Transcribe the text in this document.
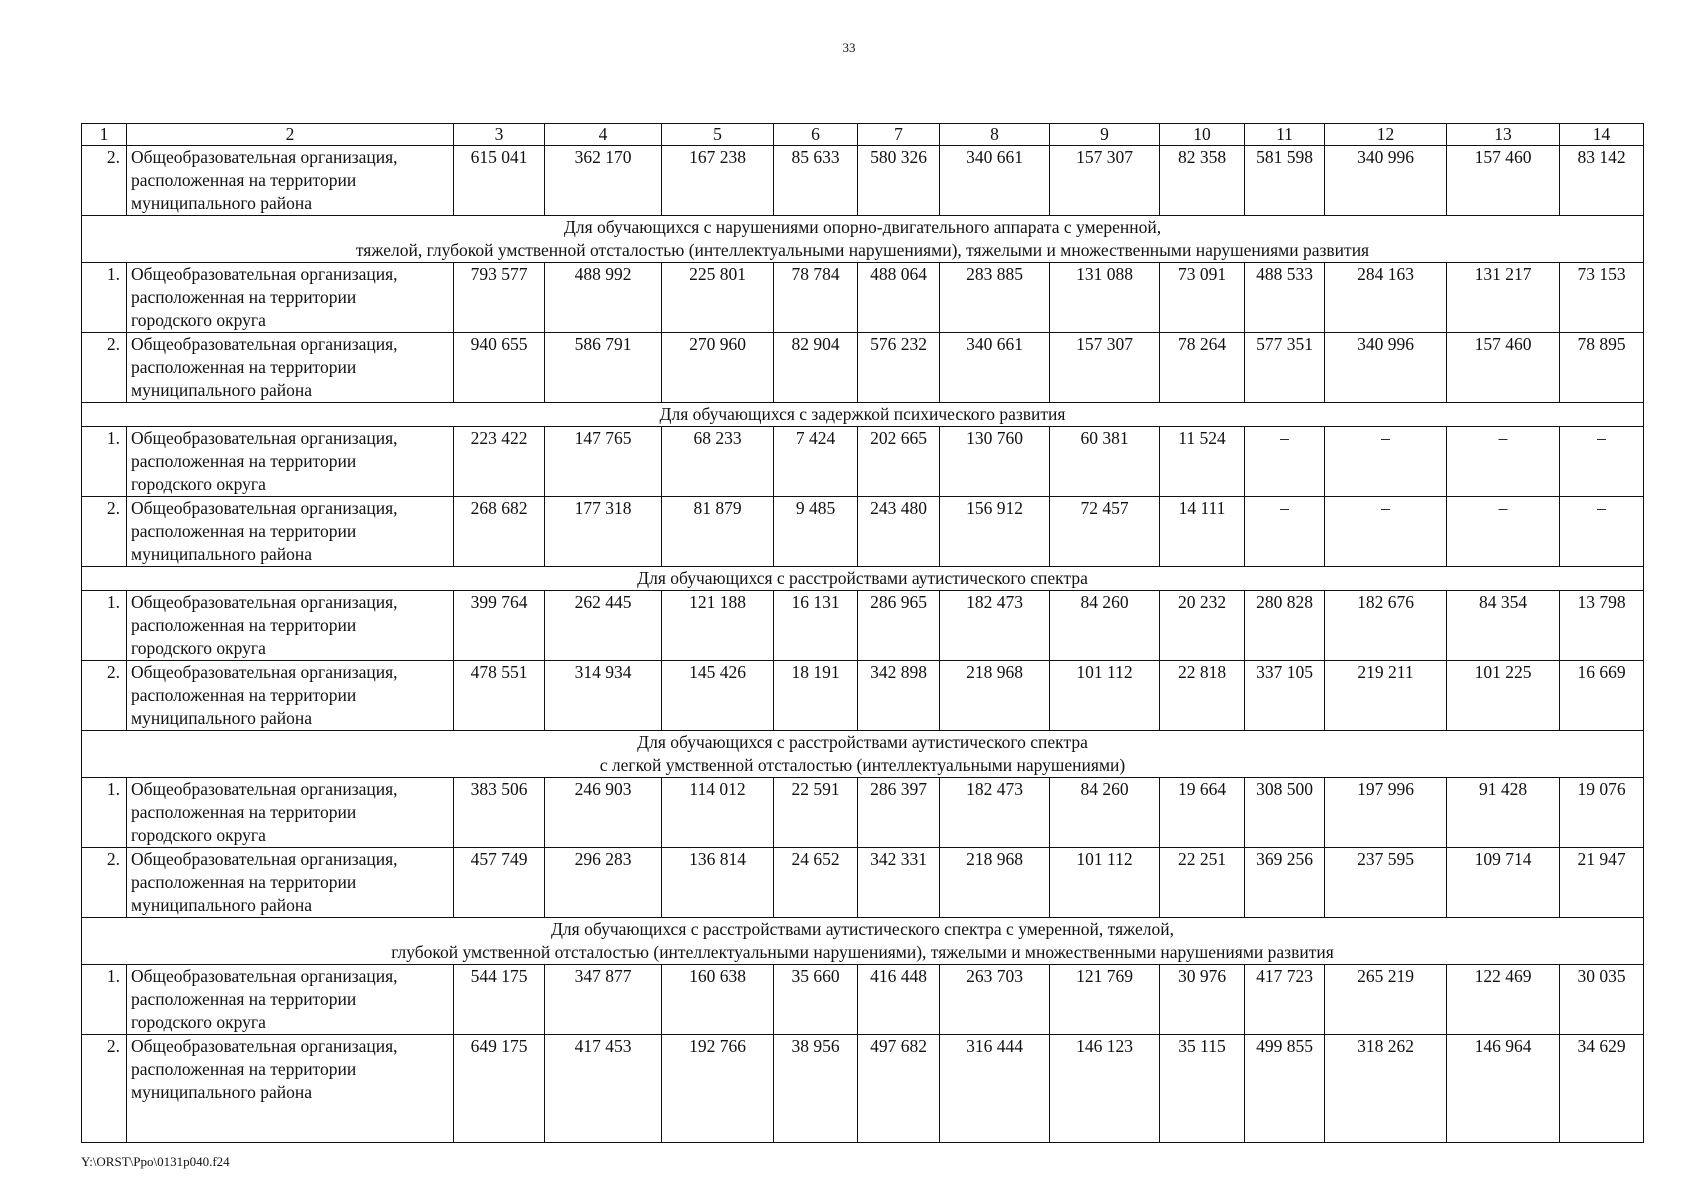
33
1	2	3	4	5	6	7	8	9	10	11	12	13	14
2.	Общеобразовательная организация,
расположенная на территории
муниципального района	615 041	362 170	167 238	85 633	580 326	340 661	157 307	82 358	581 598	340 996	157 460	83 142

Для обучающихся с нарушениями опорно-двигательного аппарата с умеренной,
тяжелой, глубокой умственной отсталостью (интеллектуальными нарушениями), тяжелыми и множественными нарушениями развития													

1.	Общеобразовательная организация,
расположенная на территории
городского округа	793 577	488 992	225 801	78 784	488 064	283 885	131 088	73 091	488 533	284 163	131 217	73 153
2.	Общеобразовательная организация,
расположенная на территории
муниципального района	940 655	586 791	270 960	82 904	576 232	340 661	157 307	78 264	577 351	340 996	157 460	78 895

Для обучающихся с задержкой психического развития													

1.	Общеобразовательная организация,
расположенная на территории
городского округа	223 422	147 765	68 233	7 424	202 665	130 760	60 381	11 524	–	–	–	–
2.	Общеобразовательная организация,
расположенная на территории
муниципального района	268 682	177 318	81 879	9 485	243 480	156 912	72 457	14 111	–	–	–	–

Для обучающихся с расстройствами аутистического спектра													

1.	Общеобразовательная организация,
расположенная на территории
городского округа	399 764	262 445	121 188	16 131	286 965	182 473	84 260	20 232	280 828	182 676	84 354	13 798
2.	Общеобразовательная организация,
расположенная на территории
муниципального района	478 551	314 934	145 426	18 191	342 898	218 968	101 112	22 818	337 105	219 211	101 225	16 669

Для обучающихся с расстройствами аутистического спектра
с легкой умственной отсталостью (интеллектуальными нарушениями)													

1.	Общеобразовательная организация,
расположенная на территории
городского округа	383 506	246 903	114 012	22 591	286 397	182 473	84 260	19 664	308 500	197 996	91 428	19 076
2.	Общеобразовательная организация,
расположенная на территории
муниципального района	457 749	296 283	136 814	24 652	342 331	218 968	101 112	22 251	369 256	237 595	109 714	21 947

Для обучающихся с расстройствами аутистического спектра с умеренной, тяжелой,
глубокой умственной отсталостью (интеллектуальными нарушениями), тяжелыми и множественными нарушениями развития													

1.	Общеобразовательная организация,
расположенная на территории
городского округа	544 175	347 877	160 638	35 660	416 448	263 703	121 769	30 976	417 723	265 219	122 469	30 035
2.	Общеобразовательная организация,
расположенная на территории
муниципального района	649 175	417 453	192 766	38 956	497 682	316 444	146 123	35 115	499 855	318 262	146 964	34 629
Y:\ORST\Ppo\0131p040.f24
